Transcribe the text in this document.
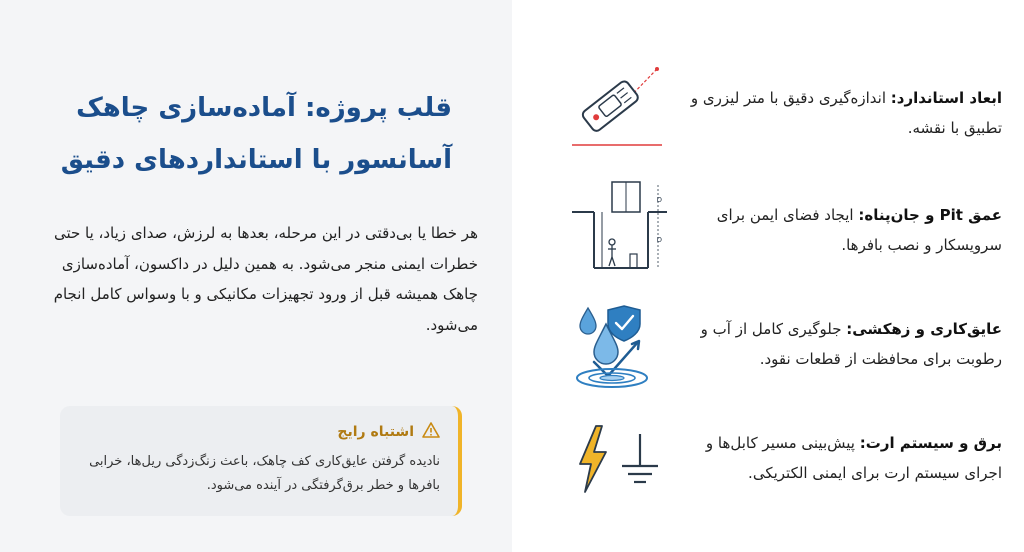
قلب پروژه: آماده‌سازی چاهک
آسانسور با استانداردهای دقیق
هر خطا یا بی‌دقتی در این مرحله، بعدها به لرزش، صدای زیاد، یا حتی خطرات ایمنی منجر می‌شود. به همین دلیل در داکسون، آماده‌سازی چاهک همیشه قبل از ورود تجهیزات مکانیکی و با وسواس کامل انجام می‌شود.
اشتباه رایج
نادیده گرفتن عایق‌کاری کف چاهک، باعث زنگ‌زدگی ریل‌ها، خرابی بافرها و خطر برق‌گرفتگی در آینده می‌شود.
ابعاد استاندارد: اندازه‌گیری دقیق با متر لیزری و تطبیق با نقشه.
D
D
عمق Pit و جان‌پناه: ایجاد فضای ایمن برای سرویسکار و نصب بافرها.
عایق‌کاری و زهکشی: جلوگیری کامل از آب و رطوبت برای محافظت از قطعات نقود.
برق و سیستم ارت: پیش‌بینی مسیر کابل‌ها و اجرای سیستم ارت برای ایمنی الکتریکی.
